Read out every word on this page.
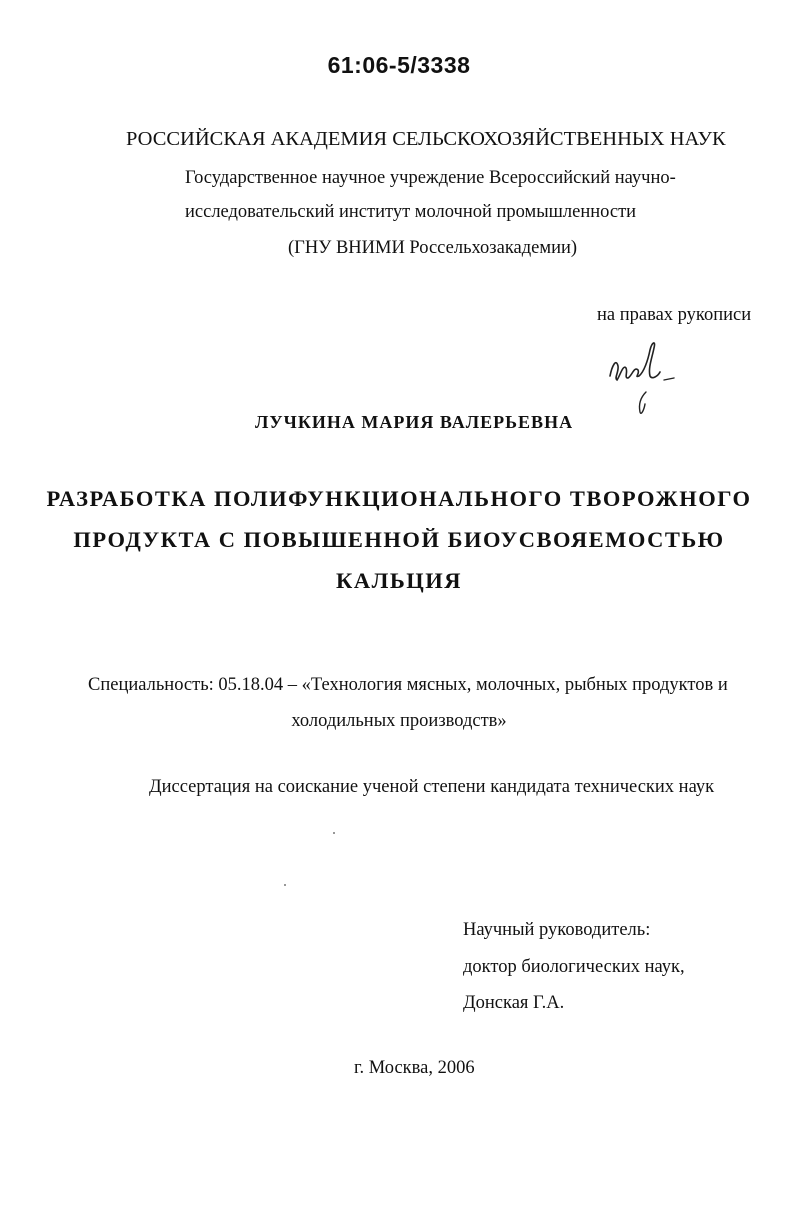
61:06-5/3338
РОССИЙСКАЯ АКАДЕМИЯ СЕЛЬСКОХОЗЯЙСТВЕННЫХ НАУК
Государственное научное учреждение Всероссийский научно-
исследовательский институт молочной промышленности
(ГНУ ВНИМИ Россельхозакадемии)
на правах рукописи
ЛУЧКИНА МАРИЯ ВАЛЕРЬЕВНА
РАЗРАБОТКА ПОЛИФУНКЦИОНАЛЬНОГО ТВОРОЖНОГО
ПРОДУКТА С ПОВЫШЕННОЙ БИОУСВОЯЕМОСТЬЮ
КАЛЬЦИЯ
Специальность: 05.18.04 – «Технология мясных, молочных, рыбных продуктов и
холодильных производств»
Диссертация на соискание ученой степени кандидата технических наук
Научный руководитель:
доктор биологических наук,
Донская Г.А.
г. Москва, 2006
